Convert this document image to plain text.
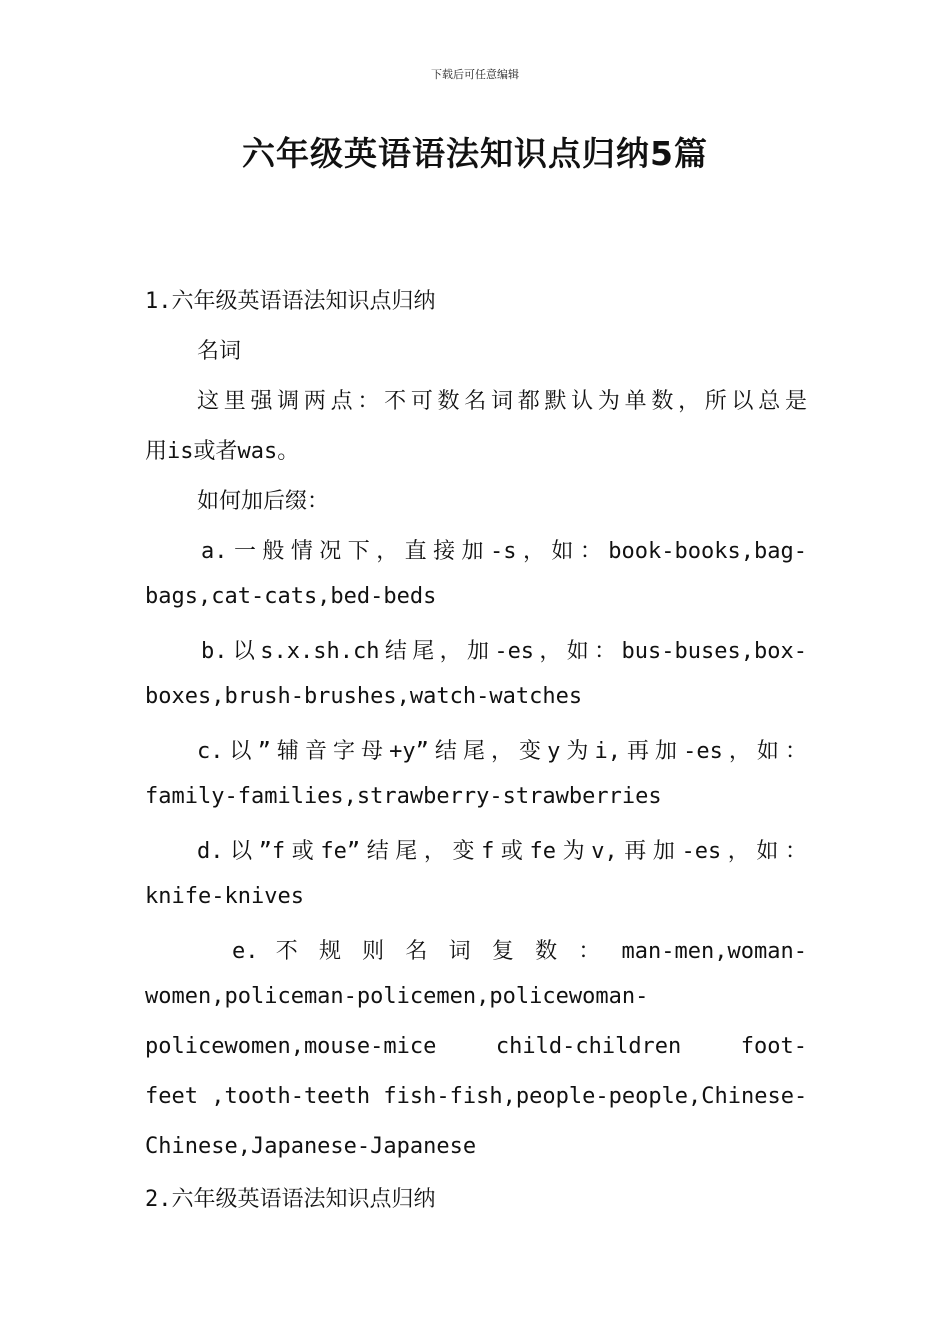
下载后可任意编辑
六年级英语语法知识点归纳5篇
1.六年级英语语法知识点归纳
名词
这里强调两点：不可数名词都默认为单数，所以总是
用is或者was。
如何加后缀：
a.一般情况下，直接加-s，如：book-books,bag-
bags,cat-cats,bed-beds
b.以s.x.sh.ch结尾，加-es，如：bus-buses,box-
boxes,brush-brushes,watch-watches
c.以”辅音字母+y”结尾，变y为i,再加-es，如：
family-families,strawberry-strawberries
d.以”f或fe”结尾，变f或fe为v,再加-es，如：
knife-knives
e. 不 规 则 名 词 复 数 ： man-men,woman-
women,policeman-policemen,policewoman-
policewomen,mouse-mice child-children foot-
feet ,tooth-teeth fish-fish,people-people,Chinese-
Chinese,Japanese-Japanese
2.六年级英语语法知识点归纳
